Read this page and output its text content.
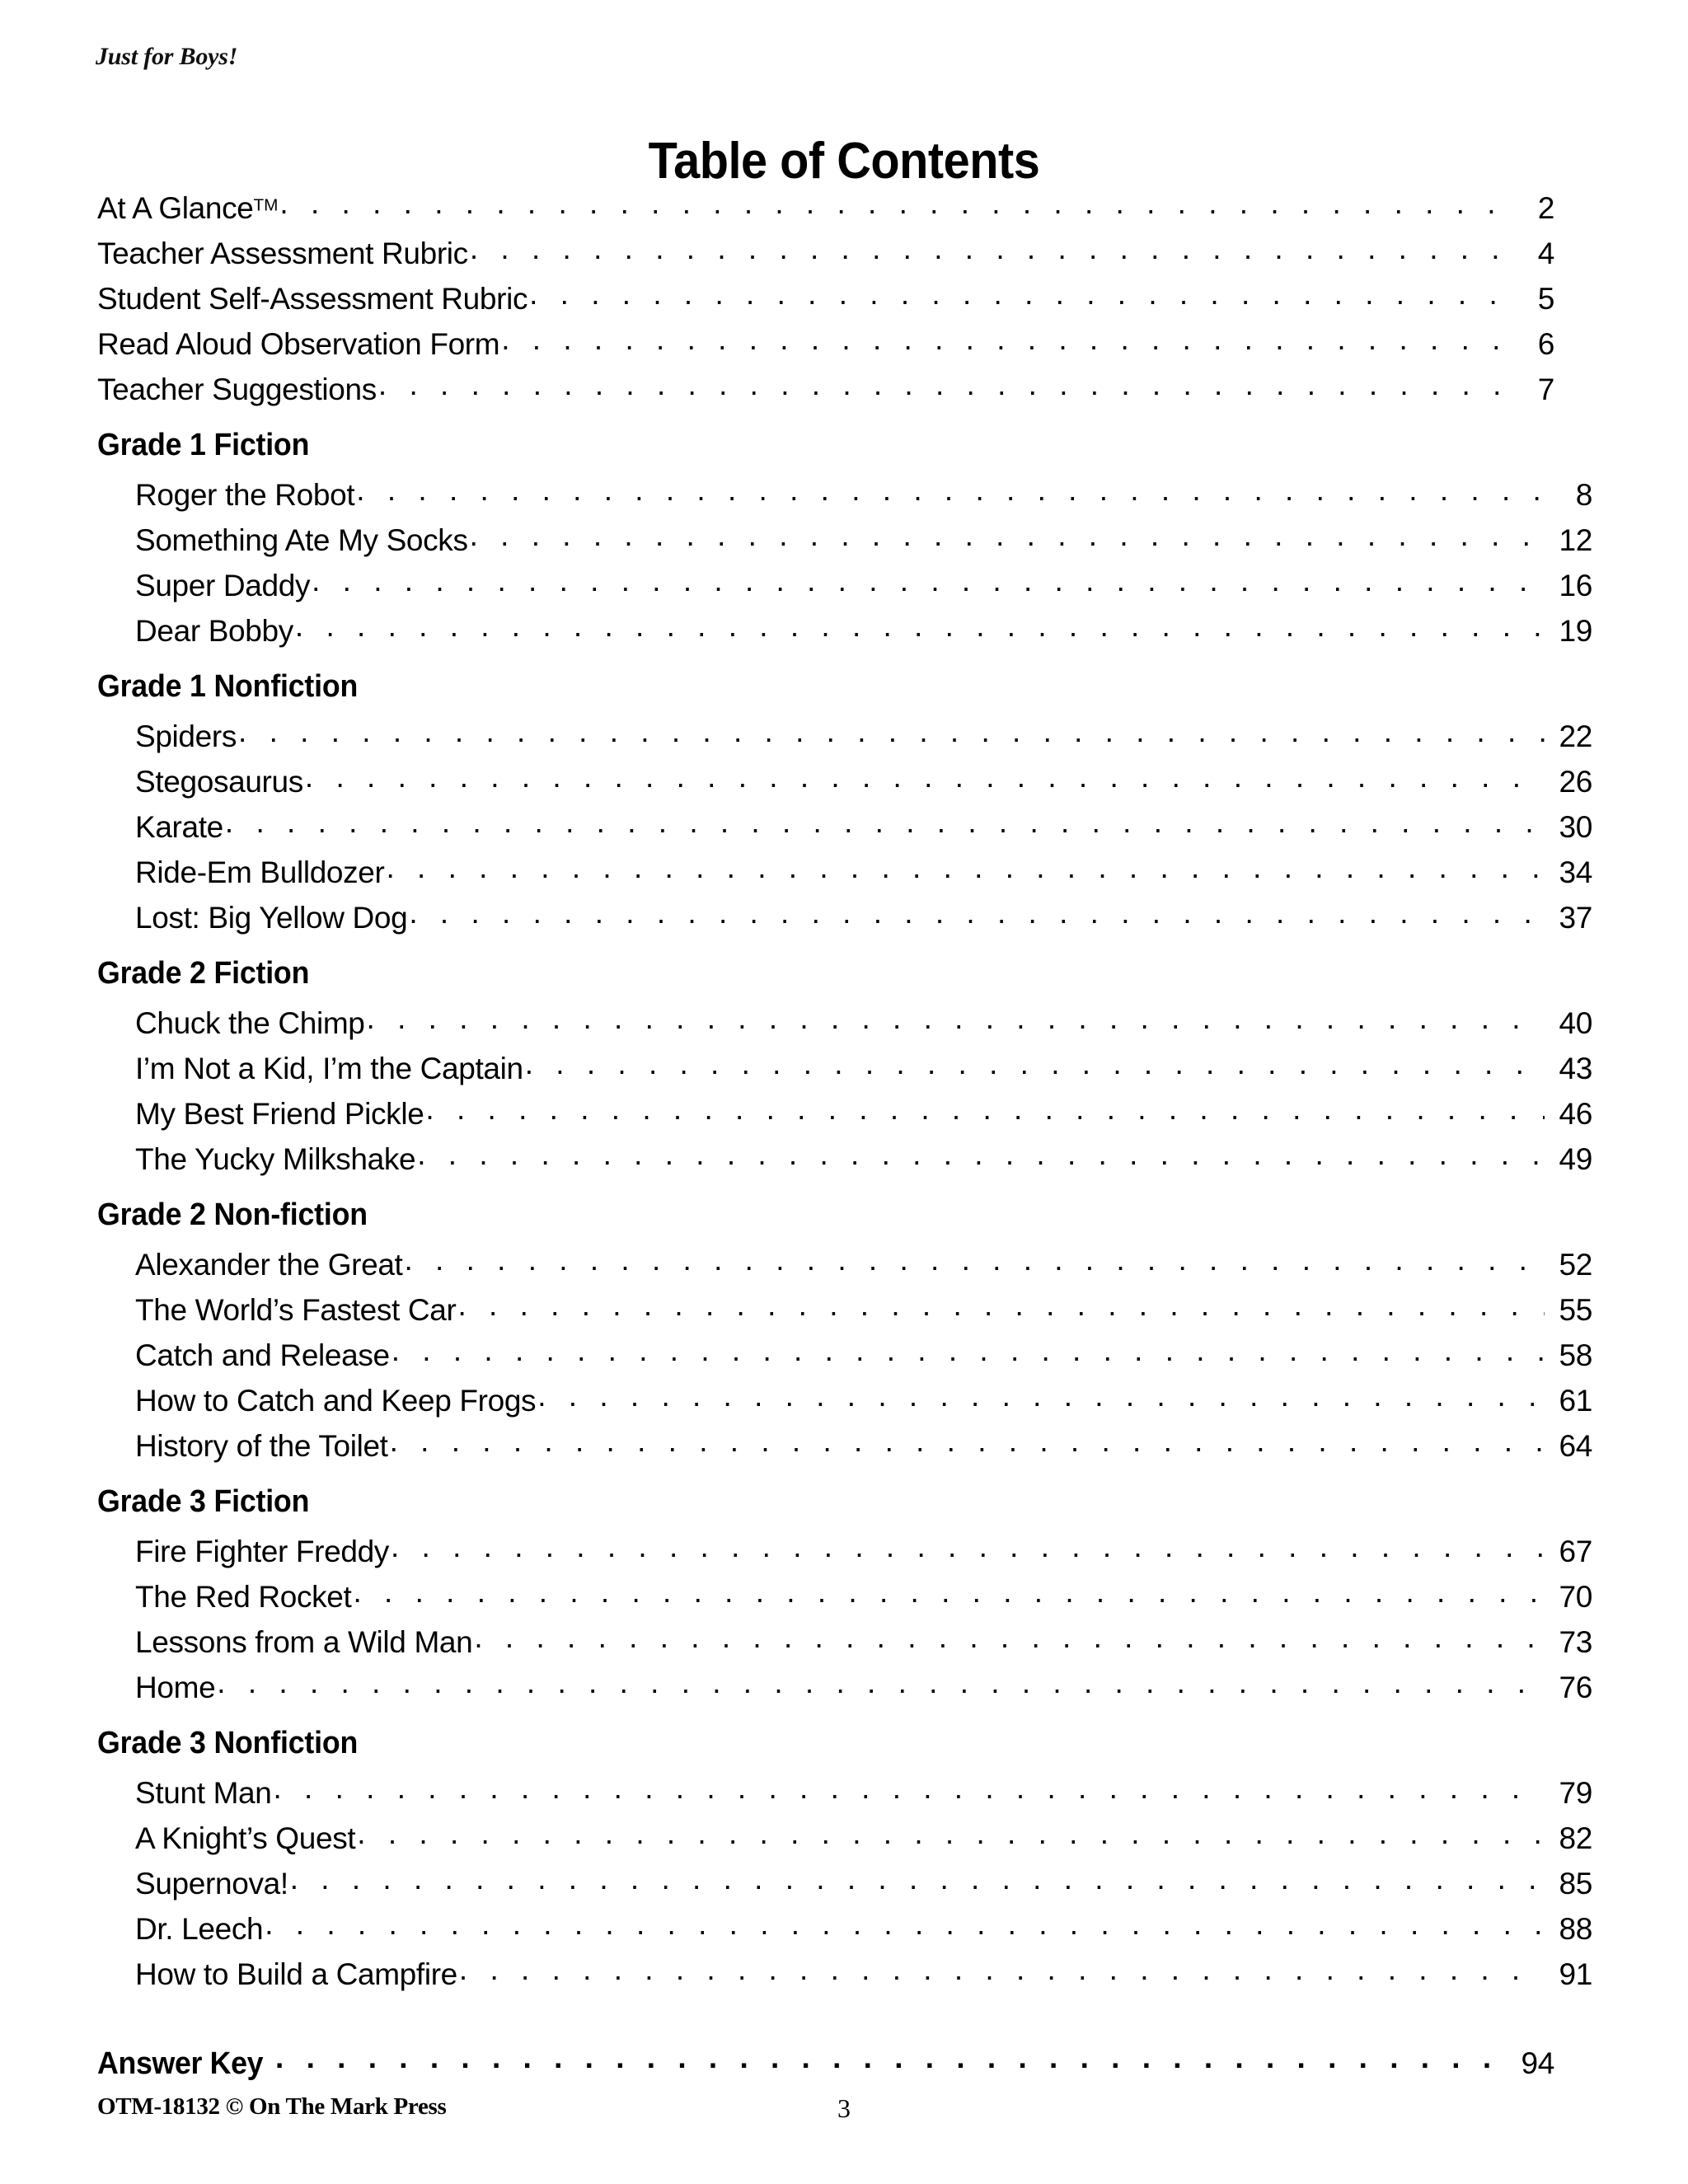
Just for Boys!
Table of Contents
At A Glance™ . . .	2
Teacher Assessment Rubric . . .	4
Student Self-Assessment Rubric . . .	5
Read Aloud Observation Form . . .	6
Teacher Suggestions . . .	7
Grade 1 Fiction
Roger the Robot . . .	8
Something Ate My Socks . . .	12
Super Daddy . . .	16
Dear Bobby . . .	19
Grade 1 Nonfiction
Spiders . . .	22
Stegosaurus . . .	26
Karate . . .	30
Ride-Em Bulldozer . . .	34
Lost: Big Yellow Dog . . .	37
Grade 2 Fiction
Chuck the Chimp . . .	40
I’m Not a Kid, I’m the Captain . . .	43
My Best Friend Pickle . . .	46
The Yucky Milkshake . . .	49
Grade 2 Non-fiction
Alexander the Great . . .	52
The World’s Fastest Car . . .	55
Catch and Release . . .	58
How to Catch and Keep Frogs . . .	61
History of the Toilet . . .	64
Grade 3 Fiction
Fire Fighter Freddy . . .	67
The Red Rocket . . .	70
Lessons from a Wild Man . . .	73
Home . . .	76
Grade 3 Nonfiction
Stunt Man . . .	79
A Knight’s Quest . . .	82
Supernova! . . .	85
Dr. Leech . . .	88
How to Build a Campfire . . .	91
Answer Key . . .	94
OTM-18132 © On The Mark Press	3
